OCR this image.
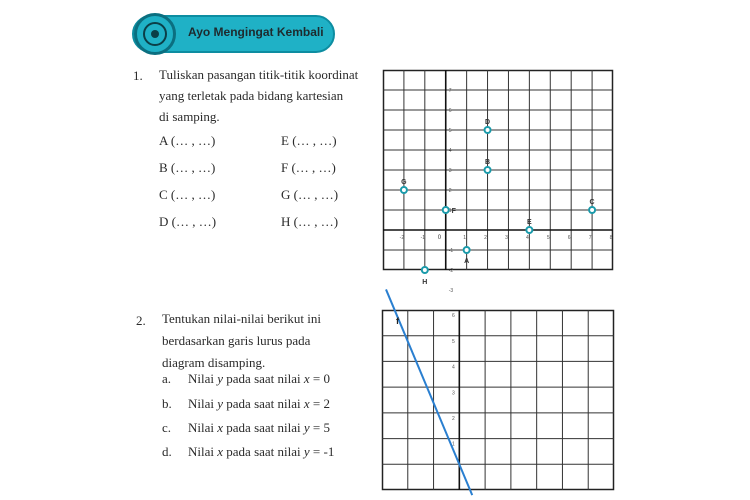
Ayo Mengingat Kembali
1. Tuliskan pasangan titik-titik koordinat
yang terletak pada bidang kartesian
di samping.
A (… , …)	E (… , …)
B (… , …)	F (… , …)
C (… , …)	G (… , …)
D (… , …)	H (… , …)
-2	-1	1	2	3	4	5	6	7	8
7
6
5
4
3
2
1
-1
-2
-3
0
A
B
C
D
E
F
G
H
2. Tentukan nilai-nilai berikut ini
berdasarkan garis lurus pada
diagram disamping.
a. Nilai y pada saat nilai x = 0
b. Nilai y pada saat nilai x = 2
c. Nilai x pada saat nilai y = 5
d. Nilai x pada saat nilai y = -1
6
5
4
3
2
1
f
